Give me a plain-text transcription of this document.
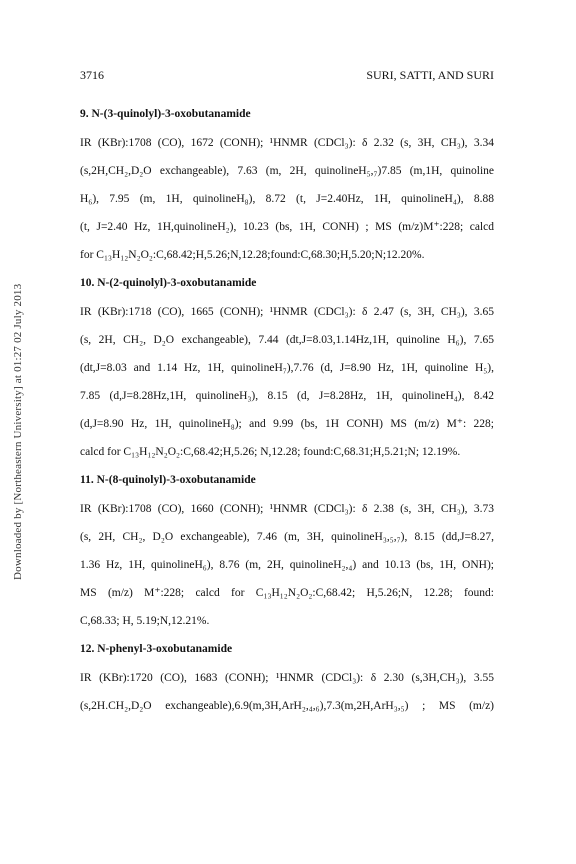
Downloaded by [Northeastern University] at 01:27 02 July 2013
3716	SURI, SATTI, AND SURI
9. N-(3-quinolyl)-3-oxobutanamide
IR (KBr):1708 (CO), 1672 (CONH); ¹HNMR (CDCl₃): δ 2.32 (s, 3H, CH₃), 3.34
(s,2H,CH₂,D₂O exchangeable), 7.63 (m, 2H, quinolineH₅,₇)7.85 (m,1H, quinoline
H₆), 7.95 (m, 1H, quinolineH₈), 8.72 (t, J=2.40Hz, 1H, quinolineH₄), 8.88
(t, J=2.40 Hz, 1H,quinolineH₂), 10.23 (bs, 1H, CONH) ; MS (m/z)M⁺:228; calcd
for C₁₃H₁₂N₂O₂:C,68.42;H,5.26;N,12.28;found:C,68.30;H,5.20;N;12.20%.
10. N-(2-quinolyl)-3-oxobutanamide
IR (KBr):1718 (CO), 1665 (CONH); ¹HNMR (CDCl₃): δ 2.47 (s, 3H, CH₃), 3.65
(s, 2H, CH₂, D₂O exchangeable), 7.44 (dt,J=8.03,1.14Hz,1H, quinoline H₆), 7.65
(dt,J=8.03 and 1.14 Hz, 1H, quinolineH₇),7.76 (d, J=8.90 Hz, 1H, quinoline H₅),
7.85 (d,J=8.28Hz,1H, quinolineH₃), 8.15 (d, J=8.28Hz, 1H, quinolineH₄), 8.42
(d,J=8.90 Hz, 1H, quinolineH₈); and 9.99 (bs, 1H CONH) MS (m/z) M⁺: 228;
calcd for C₁₃H₁₂N₂O₂:C,68.42;H,5.26; N,12.28; found:C,68.31;H,5.21;N; 12.19%.
11. N-(8-quinolyl)-3-oxobutanamide
IR (KBr):1708 (CO), 1660 (CONH); ¹HNMR (CDCl₃): δ 2.38 (s, 3H, CH₃), 3.73
(s, 2H, CH₂, D₂O exchangeable), 7.46 (m, 3H, quinolineH₃,₅,₇), 8.15 (dd,J=8.27,
1.36 Hz, 1H, quinolineH₆), 8.76 (m, 2H, quinolineH₂,₄) and 10.13 (bs, 1H, ONH);
MS (m/z) M⁺:228; calcd for C₁₃H₁₂N₂O₂:C,68.42; H,5.26;N, 12.28; found:
C,68.33; H, 5.19;N,12.21%.
12. N-phenyl-3-oxobutanamide
IR (KBr):1720 (CO), 1683 (CONH); ¹HNMR (CDCl₃): δ 2.30 (s,3H,CH₃), 3.55
(s,2H.CH₂,D₂O exchangeable),6.9(m,3H,ArH₂,₄,₆),7.3(m,2H,ArH₃,₅) ; MS (m/z)
